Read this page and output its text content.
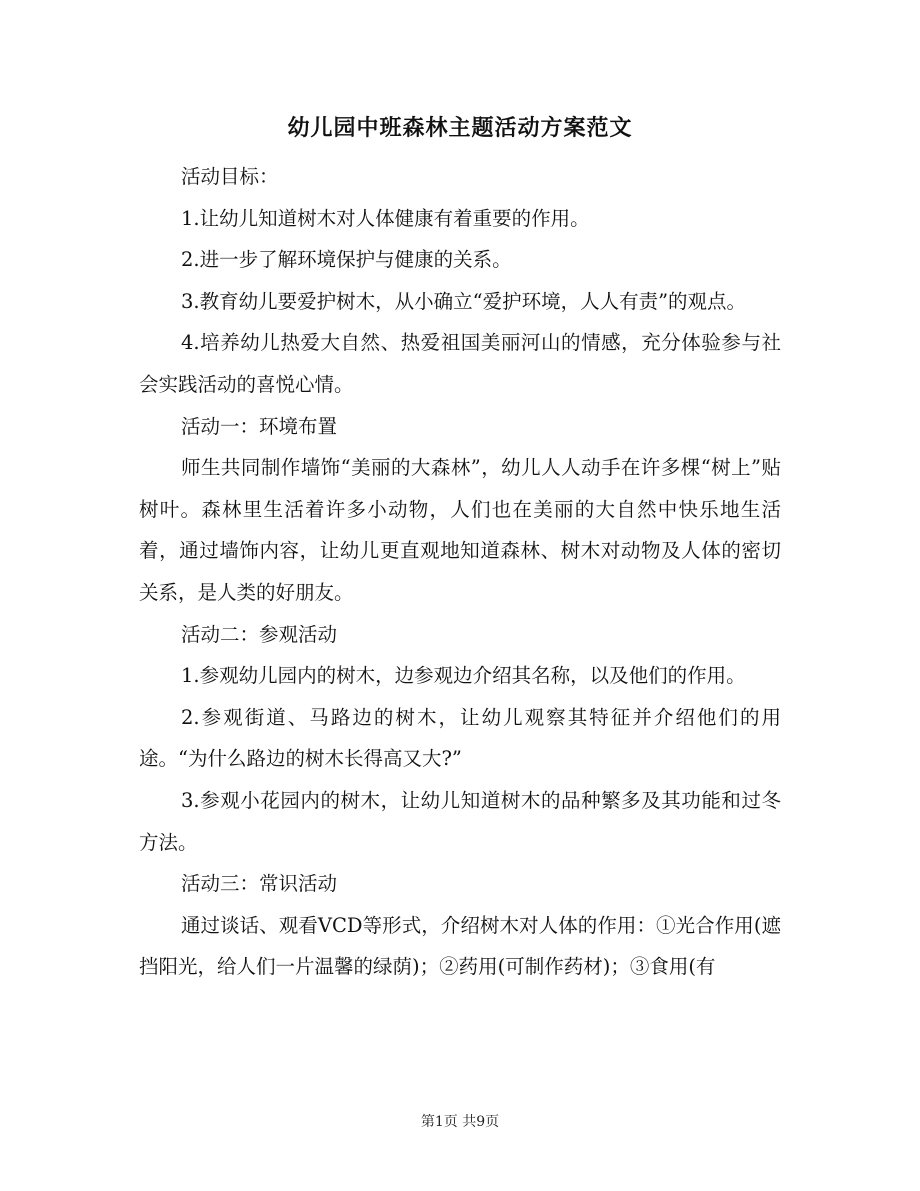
幼儿园中班森林主题活动方案范文

活动目标：

1.让幼儿知道树木对人体健康有着重要的作用。

2.进一步了解环境保护与健康的关系。

3.教育幼儿要爱护树木，从小确立“爱护环境，人人有责”的观点。

4.培养幼儿热爱大自然、热爱祖国美丽河山的情感，充分体验参与社会实践活动的喜悦心情。

活动一：环境布置

师生共同制作墙饰“美丽的大森林”，幼儿人人动手在许多棵“树上”贴树叶。森林里生活着许多小动物，人们也在美丽的大自然中快乐地生活着，通过墙饰内容，让幼儿更直观地知道森林、树木对动物及人体的密切关系，是人类的好朋友。

活动二：参观活动

1.参观幼儿园内的树木，边参观边介绍其名称，以及他们的作用。

2.参观街道、马路边的树木，让幼儿观察其特征并介绍他们的用途。“为什么路边的树木长得高又大?”

3.参观小花园内的树木，让幼儿知道树木的品种繁多及其功能和过冬方法。

活动三：常识活动

通过谈话、观看VCD等形式，介绍树木对人体的作用：①光合作用(遮挡阳光，给人们一片温馨的绿荫)；②药用(可制作药材)；③食用(有

第1页 共9页
